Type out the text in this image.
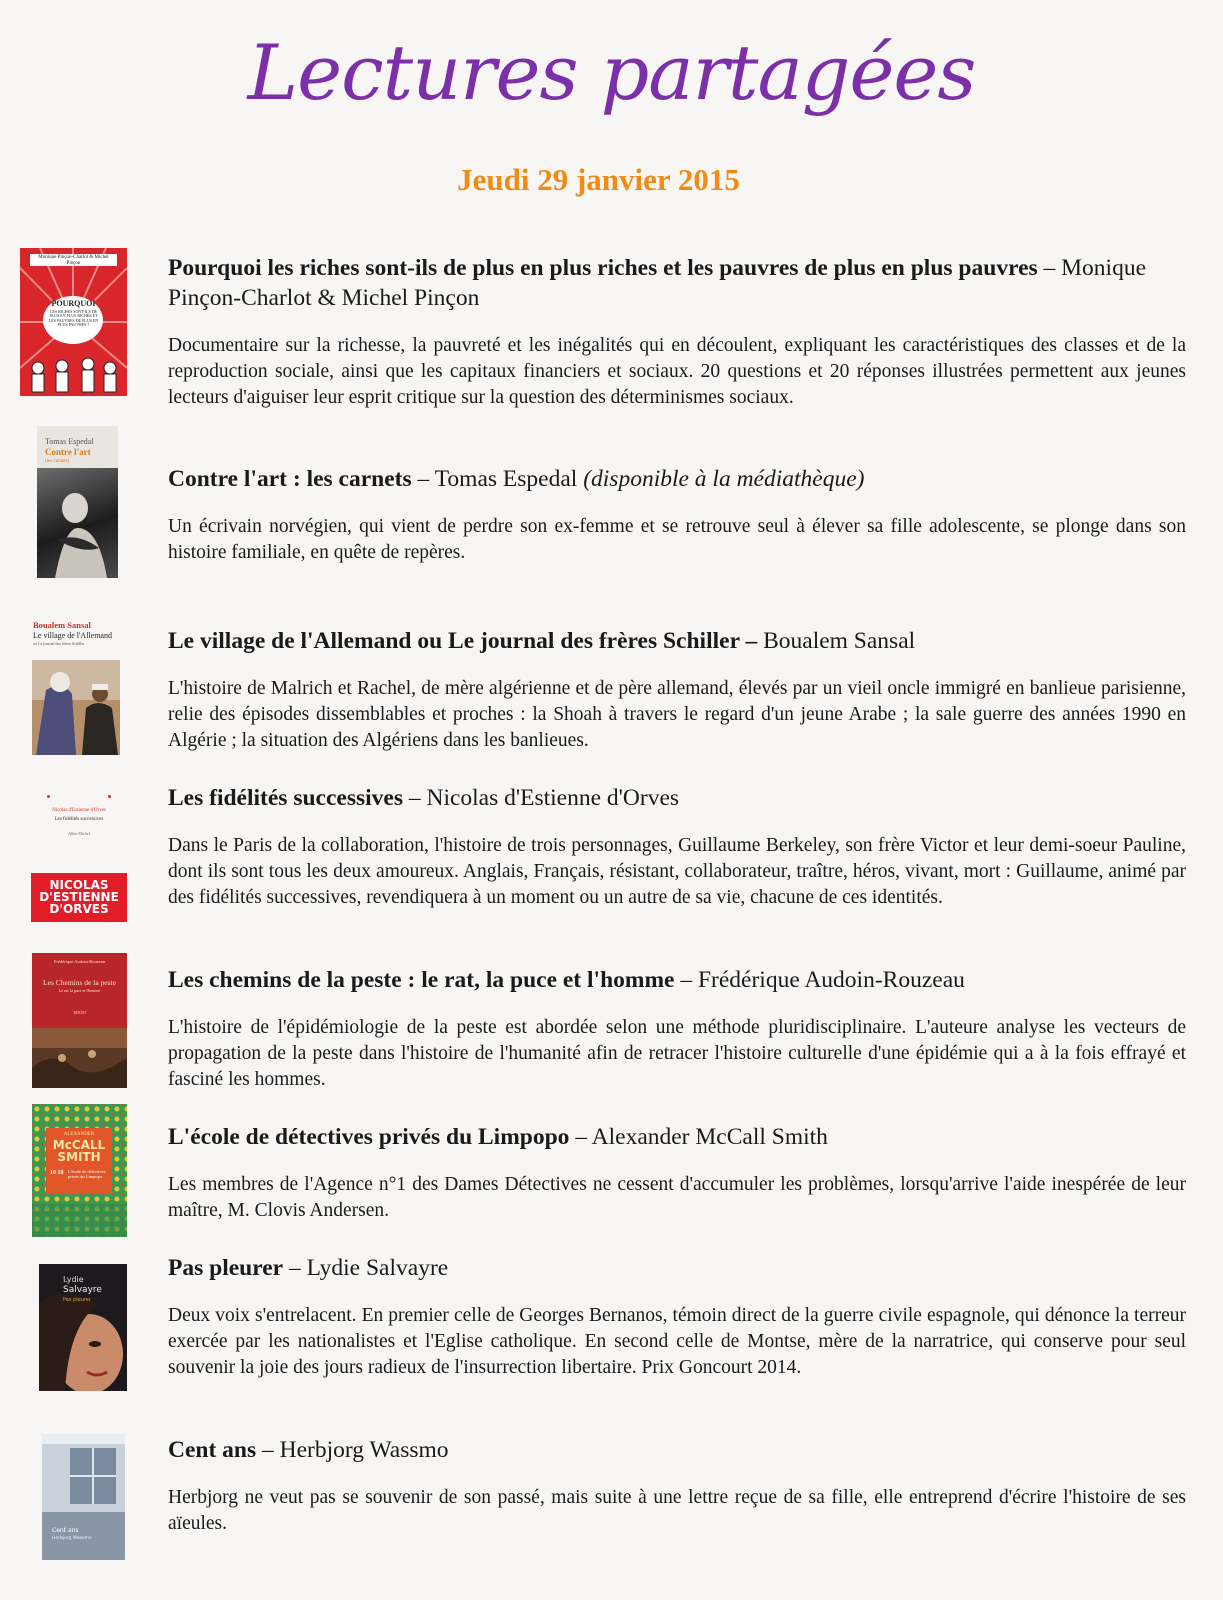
Lectures partagées
Jeudi 29 janvier 2015
Monique Pinçon-Charlot & Michel Pinçon
POURQUOI
LES RICHES SONT-ILS DE PLUS EN PLUS RICHES ET LES PAUVRES DE PLUS EN PLUS PAUVRES ?
Tomas Espedal
Contre l'art
(les carnets)
Boualem Sansal
Le village de l'Allemand
ou Le journal des frères Schiller
Nicolas d'Estienne d'Orves
Les fidélités successives
Albin Michel
NICOLAS D'ESTIENNE D'ORVES
Frédérique Audoin-Rouzeau
Les Chemins de la peste
Le rat, la puce et l'homme
TEXTO
ALEXANDER
McCALL SMITH
L'école de détectives privés du Limpopo
10 18
Lydie
Salvayre
Pas pleurer
Cent ans
Herbjorg Wassmo
Pourquoi les riches sont-ils de plus en plus riches et les pauvres de plus en plus pauvres – Monique Pinçon-Charlot & Michel Pinçon
Documentaire sur la richesse, la pauvreté et les inégalités qui en découlent, expliquant les caractéristiques des classes et de la reproduction sociale, ainsi que les capitaux financiers et sociaux. 20 questions et 20 réponses illustrées permettent aux jeunes lecteurs d'aiguiser leur esprit critique sur la question des déterminismes sociaux.
Contre l'art : les carnets – Tomas Espedal (disponible à la médiathèque)
Un écrivain norvégien, qui vient de perdre son ex-femme et se retrouve seul à élever sa fille adolescente, se plonge dans son histoire familiale, en quête de repères.
Le village de l'Allemand ou Le journal des frères Schiller – Boualem Sansal
L'histoire de Malrich et Rachel, de mère algérienne et de père allemand, élevés par un vieil oncle immigré en banlieue parisienne, relie des épisodes dissemblables et proches : la Shoah à travers le regard d'un jeune Arabe ; la sale guerre des années 1990 en Algérie ; la situation des Algériens dans les banlieues.
Les fidélités successives – Nicolas d'Estienne d'Orves
Dans le Paris de la collaboration, l'histoire de trois personnages, Guillaume Berkeley, son frère Victor et leur demi-soeur Pauline, dont ils sont tous les deux amoureux. Anglais, Français, résistant, collaborateur, traître, héros, vivant, mort : Guillaume, animé par des fidélités successives, revendiquera à un moment ou un autre de sa vie, chacune de ces identités.
Les chemins de la peste : le rat, la puce et l'homme – Frédérique Audoin-Rouzeau
L'histoire de l'épidémiologie de la peste est abordée selon une méthode pluridisciplinaire. L'auteure analyse les vecteurs de propagation de la peste dans l'histoire de l'humanité afin de retracer l'histoire culturelle d'une épidémie qui a à la fois effrayé et fasciné les hommes.
L'école de détectives privés du Limpopo – Alexander McCall Smith
Les membres de l'Agence n°1 des Dames Détectives ne cessent d'accumuler les problèmes, lorsqu'arrive l'aide inespérée de leur maître, M. Clovis Andersen.
Pas pleurer – Lydie Salvayre
Deux voix s'entrelacent. En premier celle de Georges Bernanos, témoin direct de la guerre civile espagnole, qui dénonce la terreur exercée par les nationalistes et l'Eglise catholique. En second celle de Montse, mère de la narratrice, qui conserve pour seul souvenir la joie des jours radieux de l'insurrection libertaire. Prix Goncourt 2014.
Cent ans – Herbjorg Wassmo
Herbjorg ne veut pas se souvenir de son passé, mais suite à une lettre reçue de sa fille, elle entreprend d'écrire l'histoire de ses aïeules.
